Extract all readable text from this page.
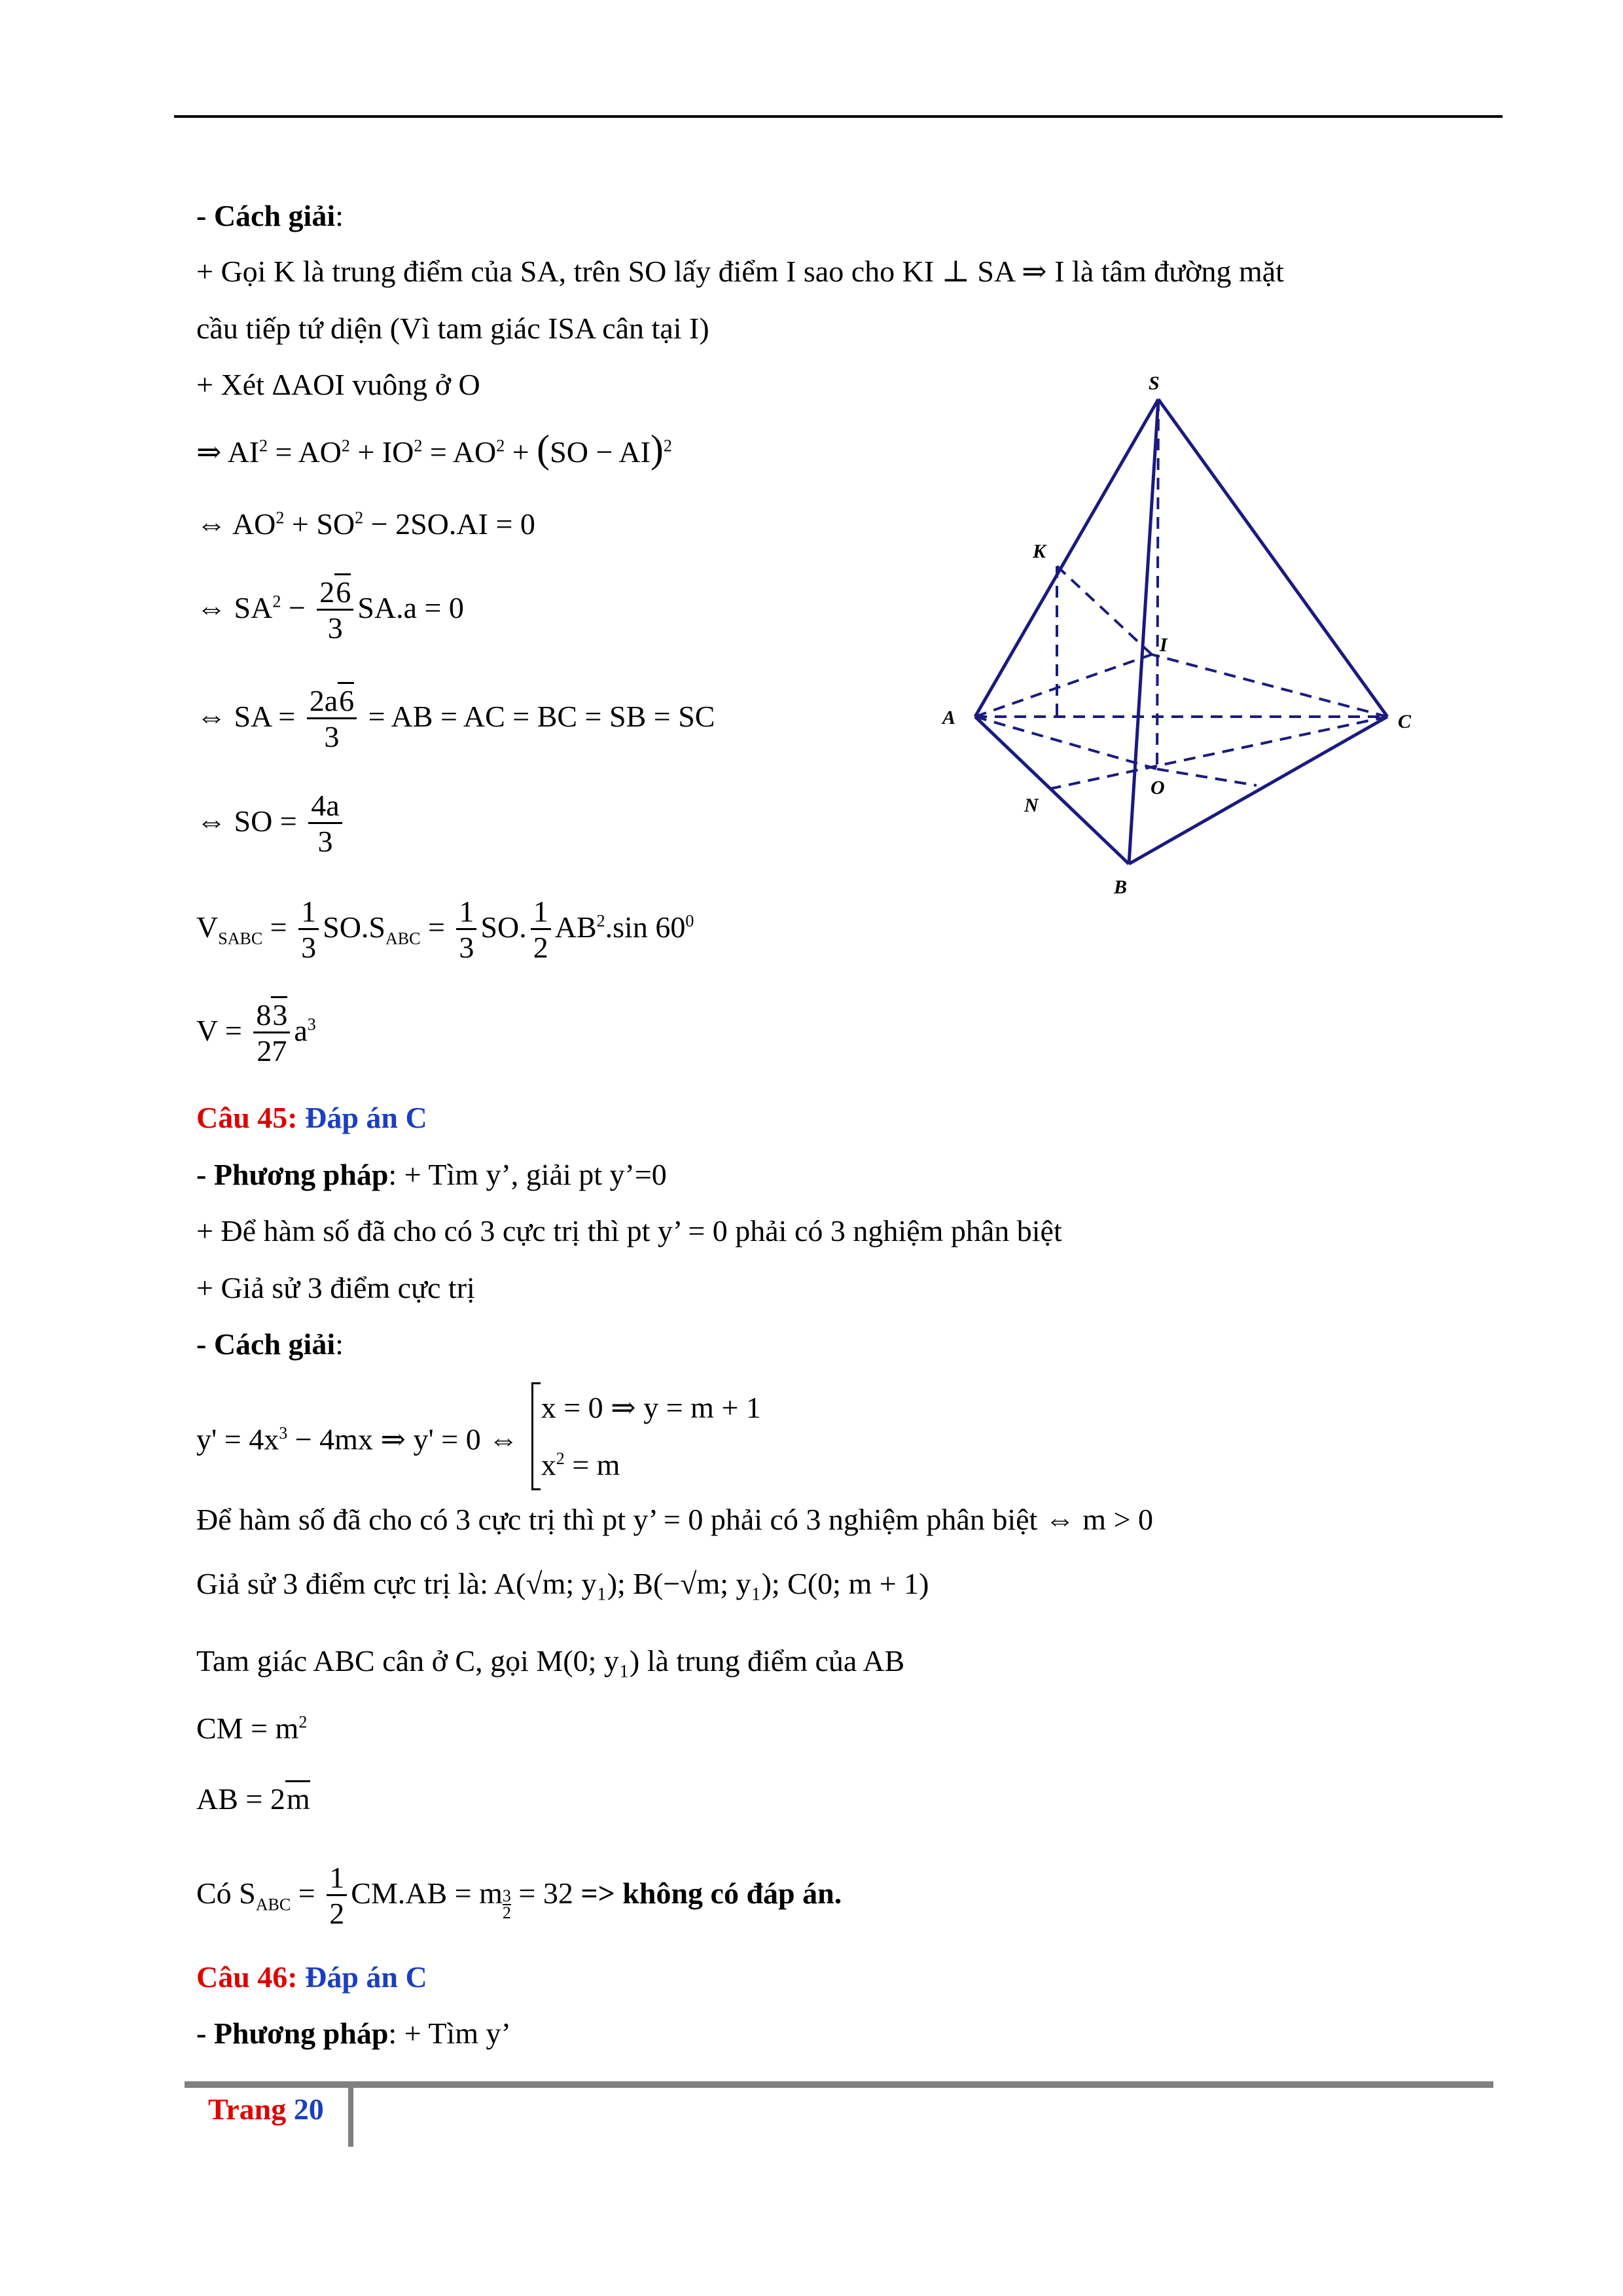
- Cách giải:
+ Gọi K là trung điểm của SA, trên SO lấy điểm I sao cho KI ⊥ SA ⇒ I là tâm đường mặt
cầu tiếp tứ diện (Vì tam giác ISA cân tại I)
+ Xét ΔAOI vuông ở O
⇒ $AI^2 = AO^2 + IO^2 = AO^2 + (SO - AI)^2$
⇔ $AO^2 + SO^2 - 2SO.AI = 0$
⇔ $SA^2 - \frac{26}{3} SA.a = 0$
⇔ SA = $\frac{2a6}{3}$ = AB = AC = BC = SB = SC
⇔ SO = $\frac{4a}{3}$
$V_{SABC} = \frac{1}{3} SO.S_{ABC} = \frac{1}{3}$ SO. $\frac{1}{2} AB^2.\sin$ $60^0$
$V = \frac{83}{27} a^3$
Câu 45: Đáp án C
- Phương pháp: + Tìm y’, giải pt y’=0
+ Để hàm số đã cho có 3 cực trị thì pt y’ = 0 phải có 3 nghiệm phân biệt
+ Giả sử 3 điểm cực trị
- Cách giải:
$y' = 4x^3 - 4mx$ ⇒ y' = 0 ⇔
x = 0 ⇒ y = m + 1
$x^2 = m$
Để hàm số đã cho có 3 cực trị thì pt y’ = 0 phải có 3 nghiệm phân biệt ⇔ m > 0
Giả sử 3 điểm cực trị là: A(√m; y₁); B(−√m; y₁); C(0; m + 1)
Tam giác ABC cân ở C, gọi M(0; y₁) là trung điểm của AB
CM = $m^2$
AB = 2m
Có $S_{ABC} = \frac{1}{2} CM.AB = m$ $^{\frac{3}{2}}$ = 32 => không có đáp án.
Câu 46: Đáp án C
- Phương pháp: + Tìm y’
S
K
I
A	C
O
N
B
Trang 20
